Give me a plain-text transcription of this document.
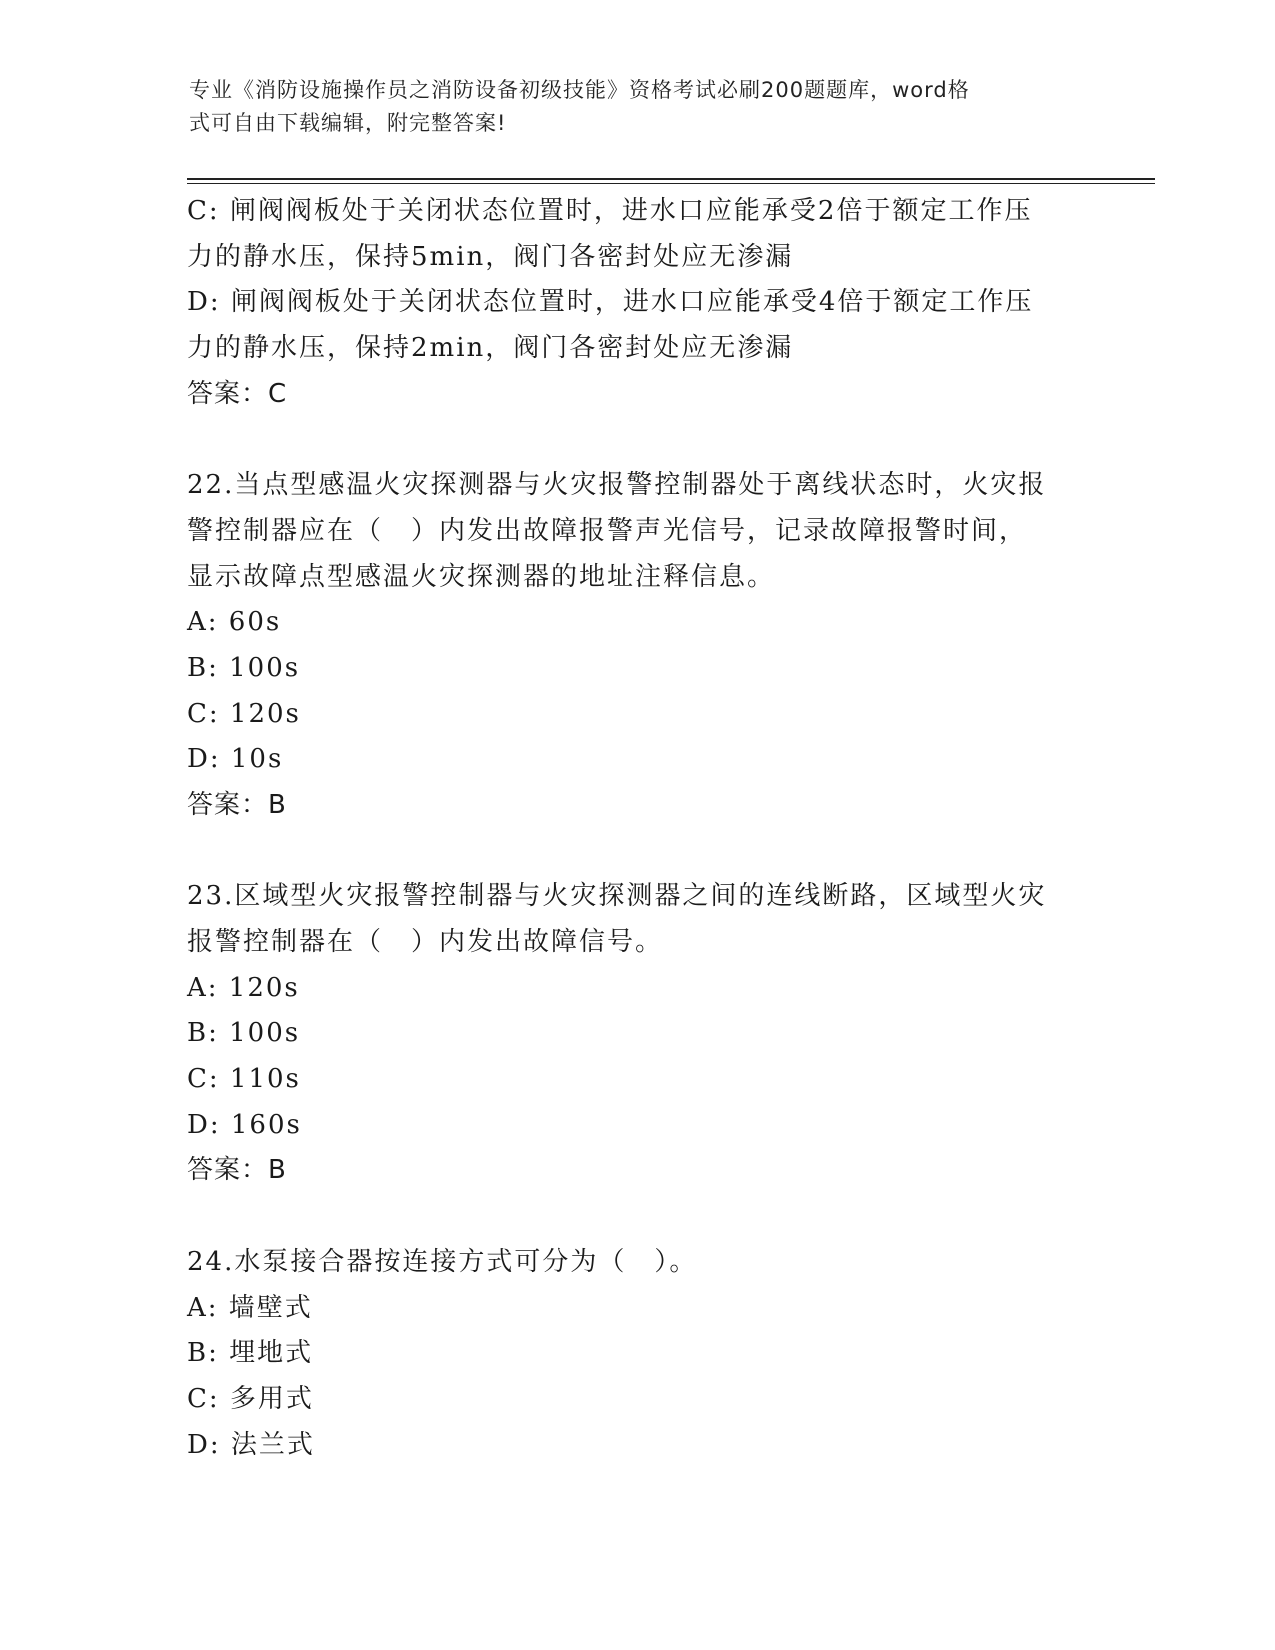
专业《消防设施操作员之消防设备初级技能》资格考试必刷200题题库，word格
式可自由下载编辑，附完整答案!
C: 闸阀阀板处于关闭状态位置时，进水口应能承受2倍于额定工作压
力的静水压，保持5min，阀门各密封处应无渗漏
D: 闸阀阀板处于关闭状态位置时，进水口应能承受4倍于额定工作压
力的静水压，保持2min，阀门各密封处应无渗漏
答案：C
22.当点型感温火灾探测器与火灾报警控制器处于离线状态时，火灾报
警控制器应在（　）内发出故障报警声光信号，记录故障报警时间，
显示故障点型感温火灾探测器的地址注释信息。
A: 60s
B: 100s
C: 120s
D: 10s
答案：B
23.区域型火灾报警控制器与火灾探测器之间的连线断路，区域型火灾
报警控制器在（　）内发出故障信号。
A: 120s
B: 100s
C: 110s
D: 160s
答案：B
24.水泵接合器按连接方式可分为（　）。
A: 墙壁式
B: 埋地式
C: 多用式
D: 法兰式
